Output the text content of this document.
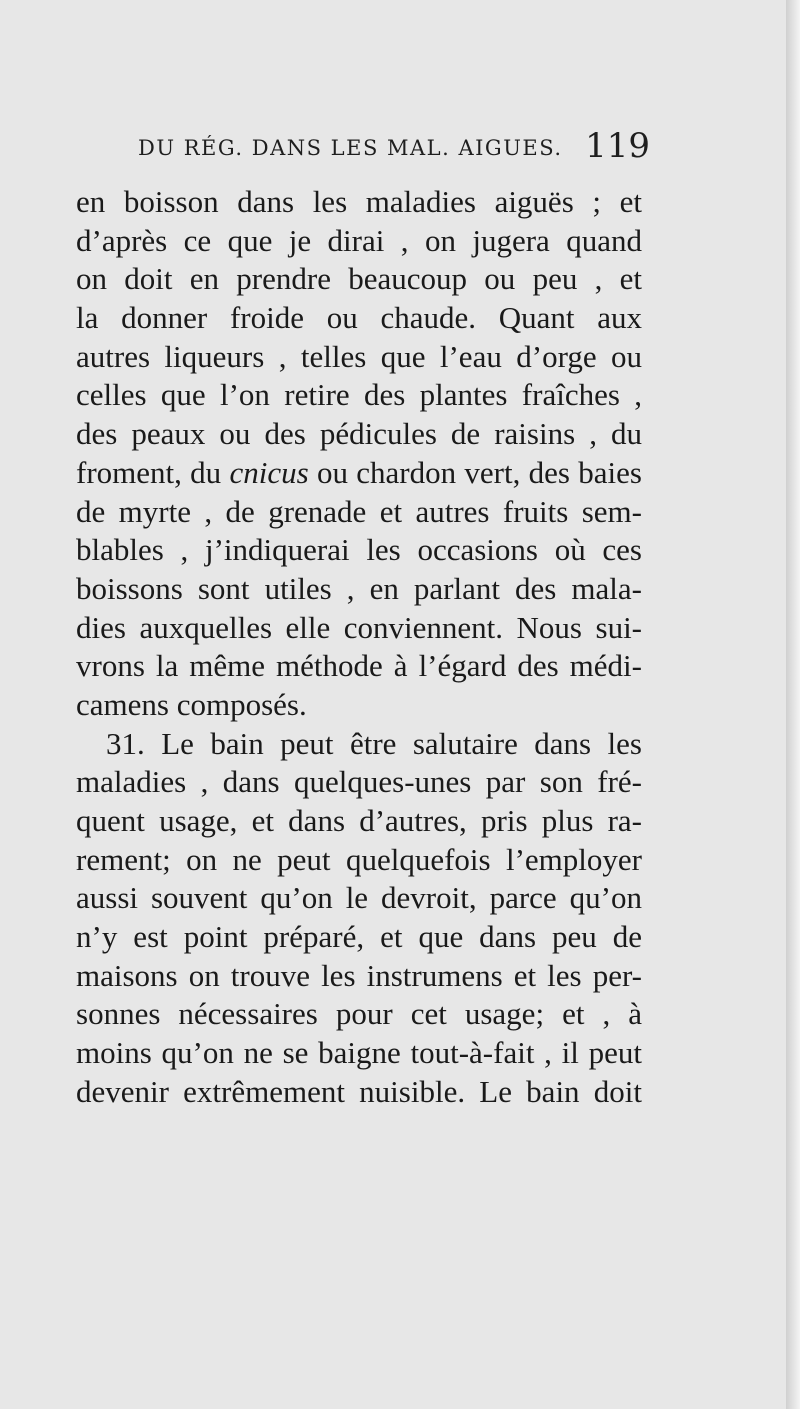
DU RÉG. DANS LES MAL. AIGUES. 119
en boisson dans les maladies aiguës ; et
d’après ce que je dirai , on jugera quand
on doit en prendre beaucoup ou peu , et
la donner froide ou chaude. Quant aux
autres liqueurs , telles que l’eau d’orge ou
celles que l’on retire des plantes fraîches ,
des peaux ou des pédicules de raisins , du
froment, du cnicus ou chardon vert, des baies
de myrte , de grenade et autres fruits sem-
blables , j’indiquerai les occasions où ces
boissons sont utiles , en parlant des mala-
dies auxquelles elle conviennent. Nous sui-
vrons la même méthode à l’égard des médi-
camens composés.
31. Le bain peut être salutaire dans les
maladies , dans quelques-unes par son fré-
quent usage, et dans d’autres, pris plus ra-
rement; on ne peut quelquefois l’employer
aussi souvent qu’on le devroit, parce qu’on
n’y est point préparé, et que dans peu de
maisons on trouve les instrumens et les per-
sonnes nécessaires pour cet usage; et , à
moins qu’on ne se baigne tout-à-fait , il peut
devenir extrêmement nuisible. Le bain doit
